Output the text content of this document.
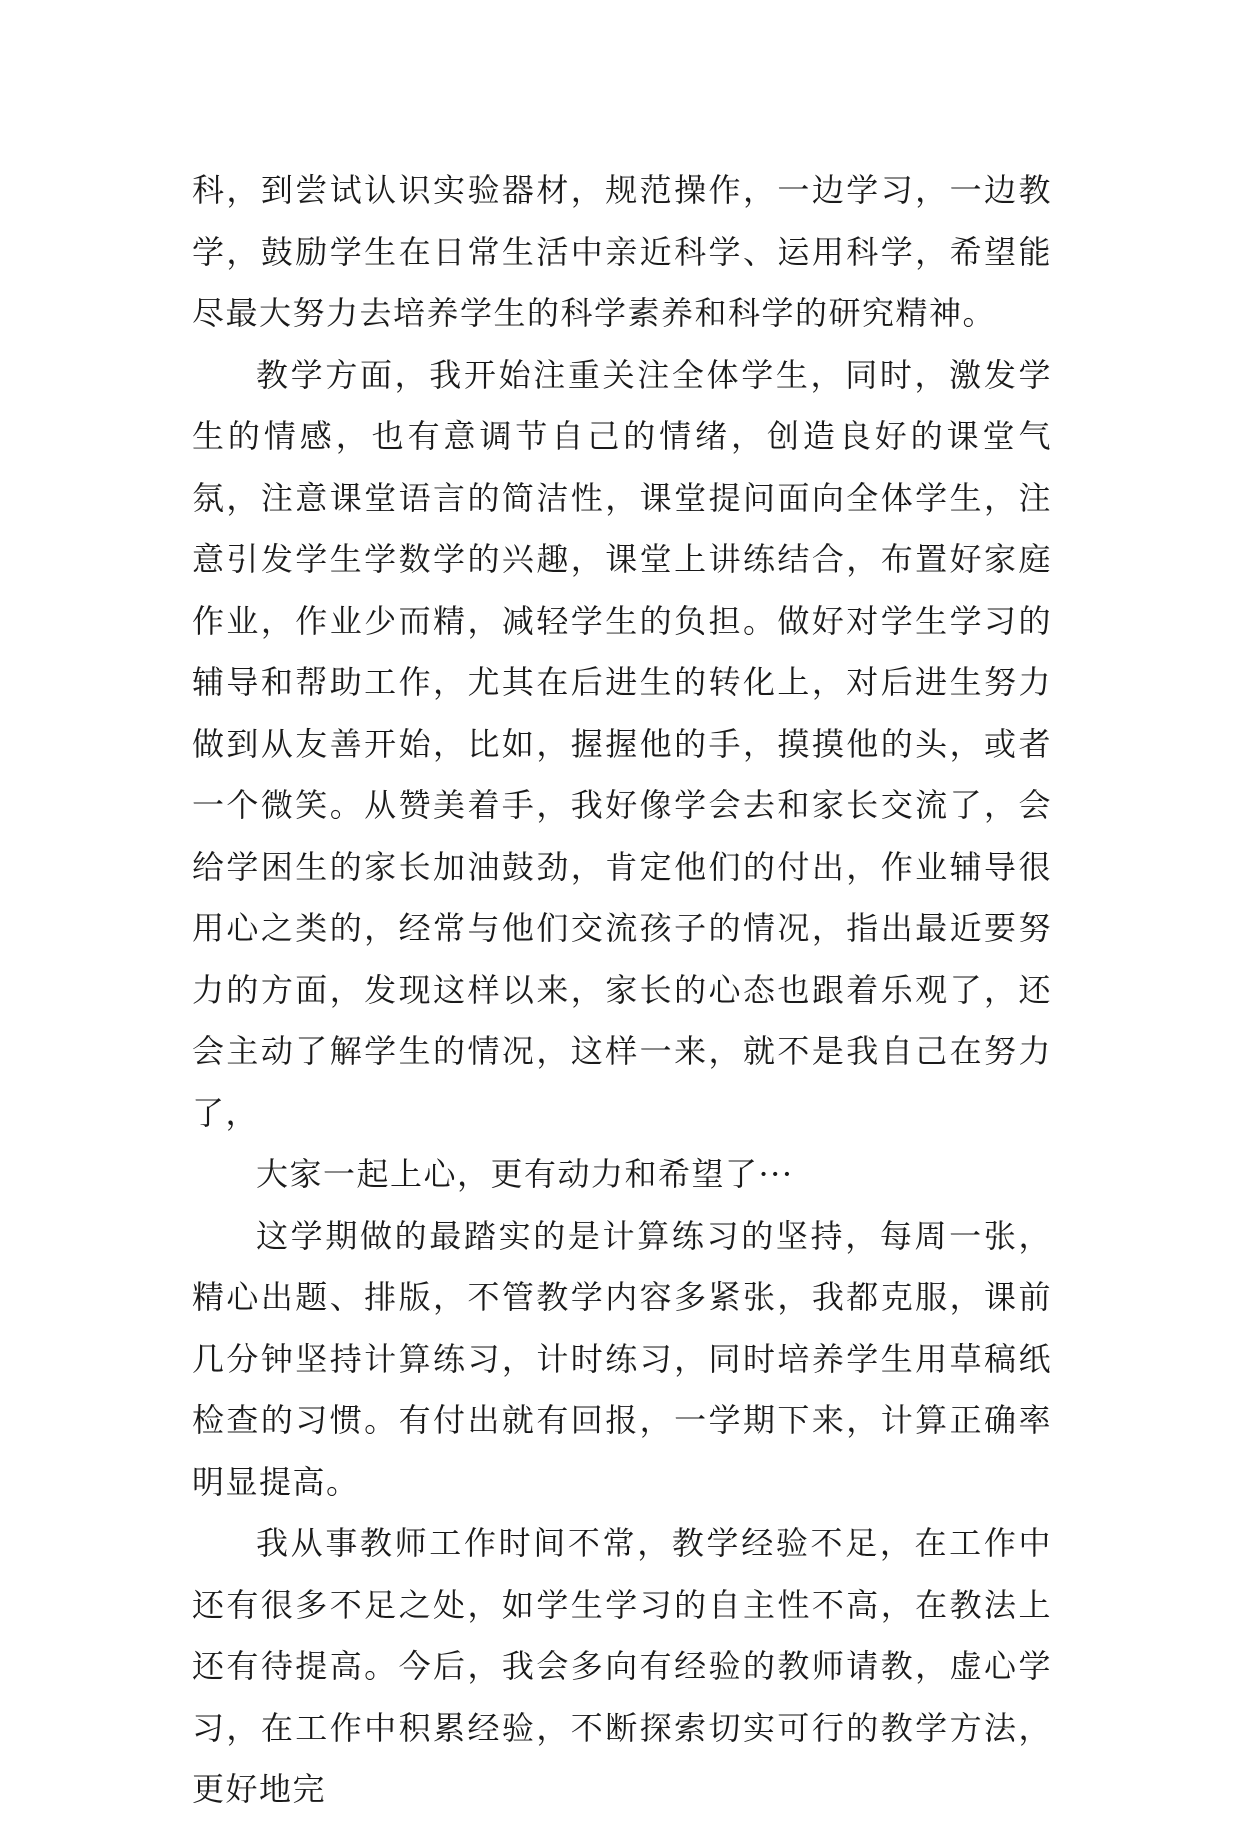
科，到尝试认识实验器材，规范操作，一边学习，一边教学，鼓励学生在日常生活中亲近科学、运用科学，希望能尽最大努力去培养学生的科学素养和科学的研究精神。

教学方面，我开始注重关注全体学生，同时，激发学生的情感，也有意调节自己的情绪，创造良好的课堂气氛，注意课堂语言的简洁性，课堂提问面向全体学生，注意引发学生学数学的兴趣，课堂上讲练结合，布置好家庭作业，作业少而精，减轻学生的负担。做好对学生学习的辅导和帮助工作，尤其在后进生的转化上，对后进生努力做到从友善开始，比如，握握他的手，摸摸他的头，或者一个微笑。从赞美着手，我好像学会去和家长交流了，会给学困生的家长加油鼓劲，肯定他们的付出，作业辅导很用心之类的，经常与他们交流孩子的情况，指出最近要努力的方面，发现这样以来，家长的心态也跟着乐观了，还会主动了解学生的情况，这样一来，就不是我自己在努力了，

大家一起上心，更有动力和希望了···

这学期做的最踏实的是计算练习的坚持，每周一张，精心出题、排版，不管教学内容多紧张，我都克服，课前几分钟坚持计算练习，计时练习，同时培养学生用草稿纸检查的习惯。有付出就有回报，一学期下来，计算正确率明显提高。

我从事教师工作时间不常，教学经验不足，在工作中还有很多不足之处，如学生学习的自主性不高，在教法上还有待提高。今后，我会多向有经验的教师请教，虚心学习，在工作中积累经验，不断探索切实可行的教学方法，更好地完
